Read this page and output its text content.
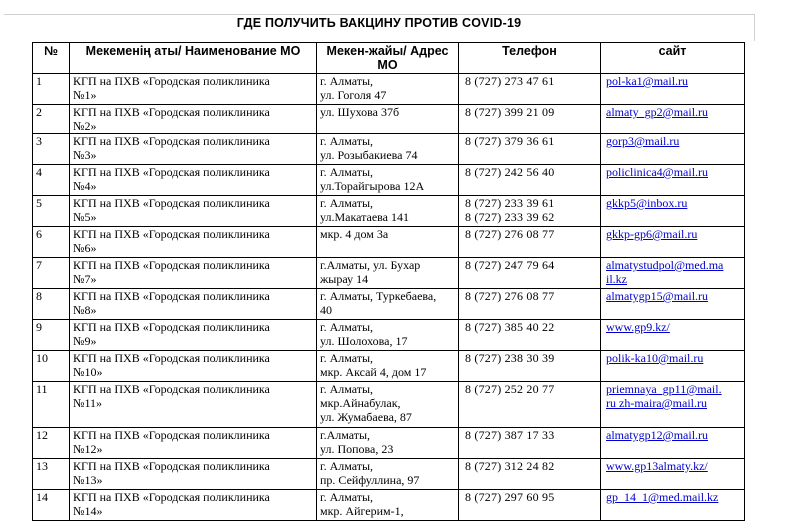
ГДЕ ПОЛУЧИТЬ ВАКЦИНУ ПРОТИВ COVID-19
№	Мекеменің аты/ Наименование МО	Мекен-жайы/ Адрес
МО	Телефон	сайт
1	КГП на ПХВ «Городская поликлиника
№1»	г. Алматы,
ул. Гоголя 47	8 (727) 273 47 61	pol-ka1@mail.ru

2	КГП на ПХВ «Городская поликлиника
№2»	ул. Шухова 37б	8 (727) 399 21 09	almaty_gp2@mail.ru

3	КГП на ПХВ «Городская поликлиника
№3»	г. Алматы,
ул. Розыбакиева 74	8 (727) 379 36 61	gorp3@mail.ru

4	КГП на ПХВ «Городская поликлиника
№4»	г. Алматы,
ул.Торайгырова 12А	8 (727) 242 56 40	policlinica4@mail.ru

5	КГП на ПХВ «Городская поликлиника
№5»	г. Алматы,
ул.Макатаева 141	8 (727) 233 39 61
8 (727) 233 39 62	gkkp5@inbox.ru

6	КГП на ПХВ «Городская поликлиника
№6»	мкр. 4 дом 3а	8 (727) 276 08 77	gkkp-gp6@mail.ru

7	КГП на ПХВ «Городская поликлиника
№7»	г.Алматы, ул. Бухар
жырау 14	8 (727) 247 79 64	almatystudpol@med.ma
il.kz

8	КГП на ПХВ «Городская поликлиника
№8»	г. Алматы, Туркебаева,
40	8 (727) 276 08 77	almatygp15@mail.ru

9	КГП на ПХВ «Городская поликлиника
№9»	г. Алматы,
ул. Шолохова, 17	8 (727) 385 40 22	www.gp9.kz/

10	КГП на ПХВ «Городская поликлиника
№10»	г. Алматы,
мкр. Аксай 4, дом 17	8 (727) 238 30 39	polik-ka10@mail.ru

11	КГП на ПХВ «Городская поликлиника
№11»	г. Алматы,
мкр.Айнабулак,
ул. Жумабаева, 87	8 (727) 252 20 77	priemnaya_gp11@mail.
ru zh-maira@mail.ru

12	КГП на ПХВ «Городская поликлиника
№12»	г.Алматы,
ул. Попова, 23	8 (727) 387 17 33	almatygp12@mail.ru

13	КГП на ПХВ «Городская поликлиника
№13»	г. Алматы,
пр. Сейфуллина, 97	8 (727) 312 24 82	www.gp13almaty.kz/

14	КГП на ПХВ «Городская поликлиника
№14»	г. Алматы,
мкр. Айгерим-1,	8 (727) 297 60 95	gp_14_1@med.mail.kz
